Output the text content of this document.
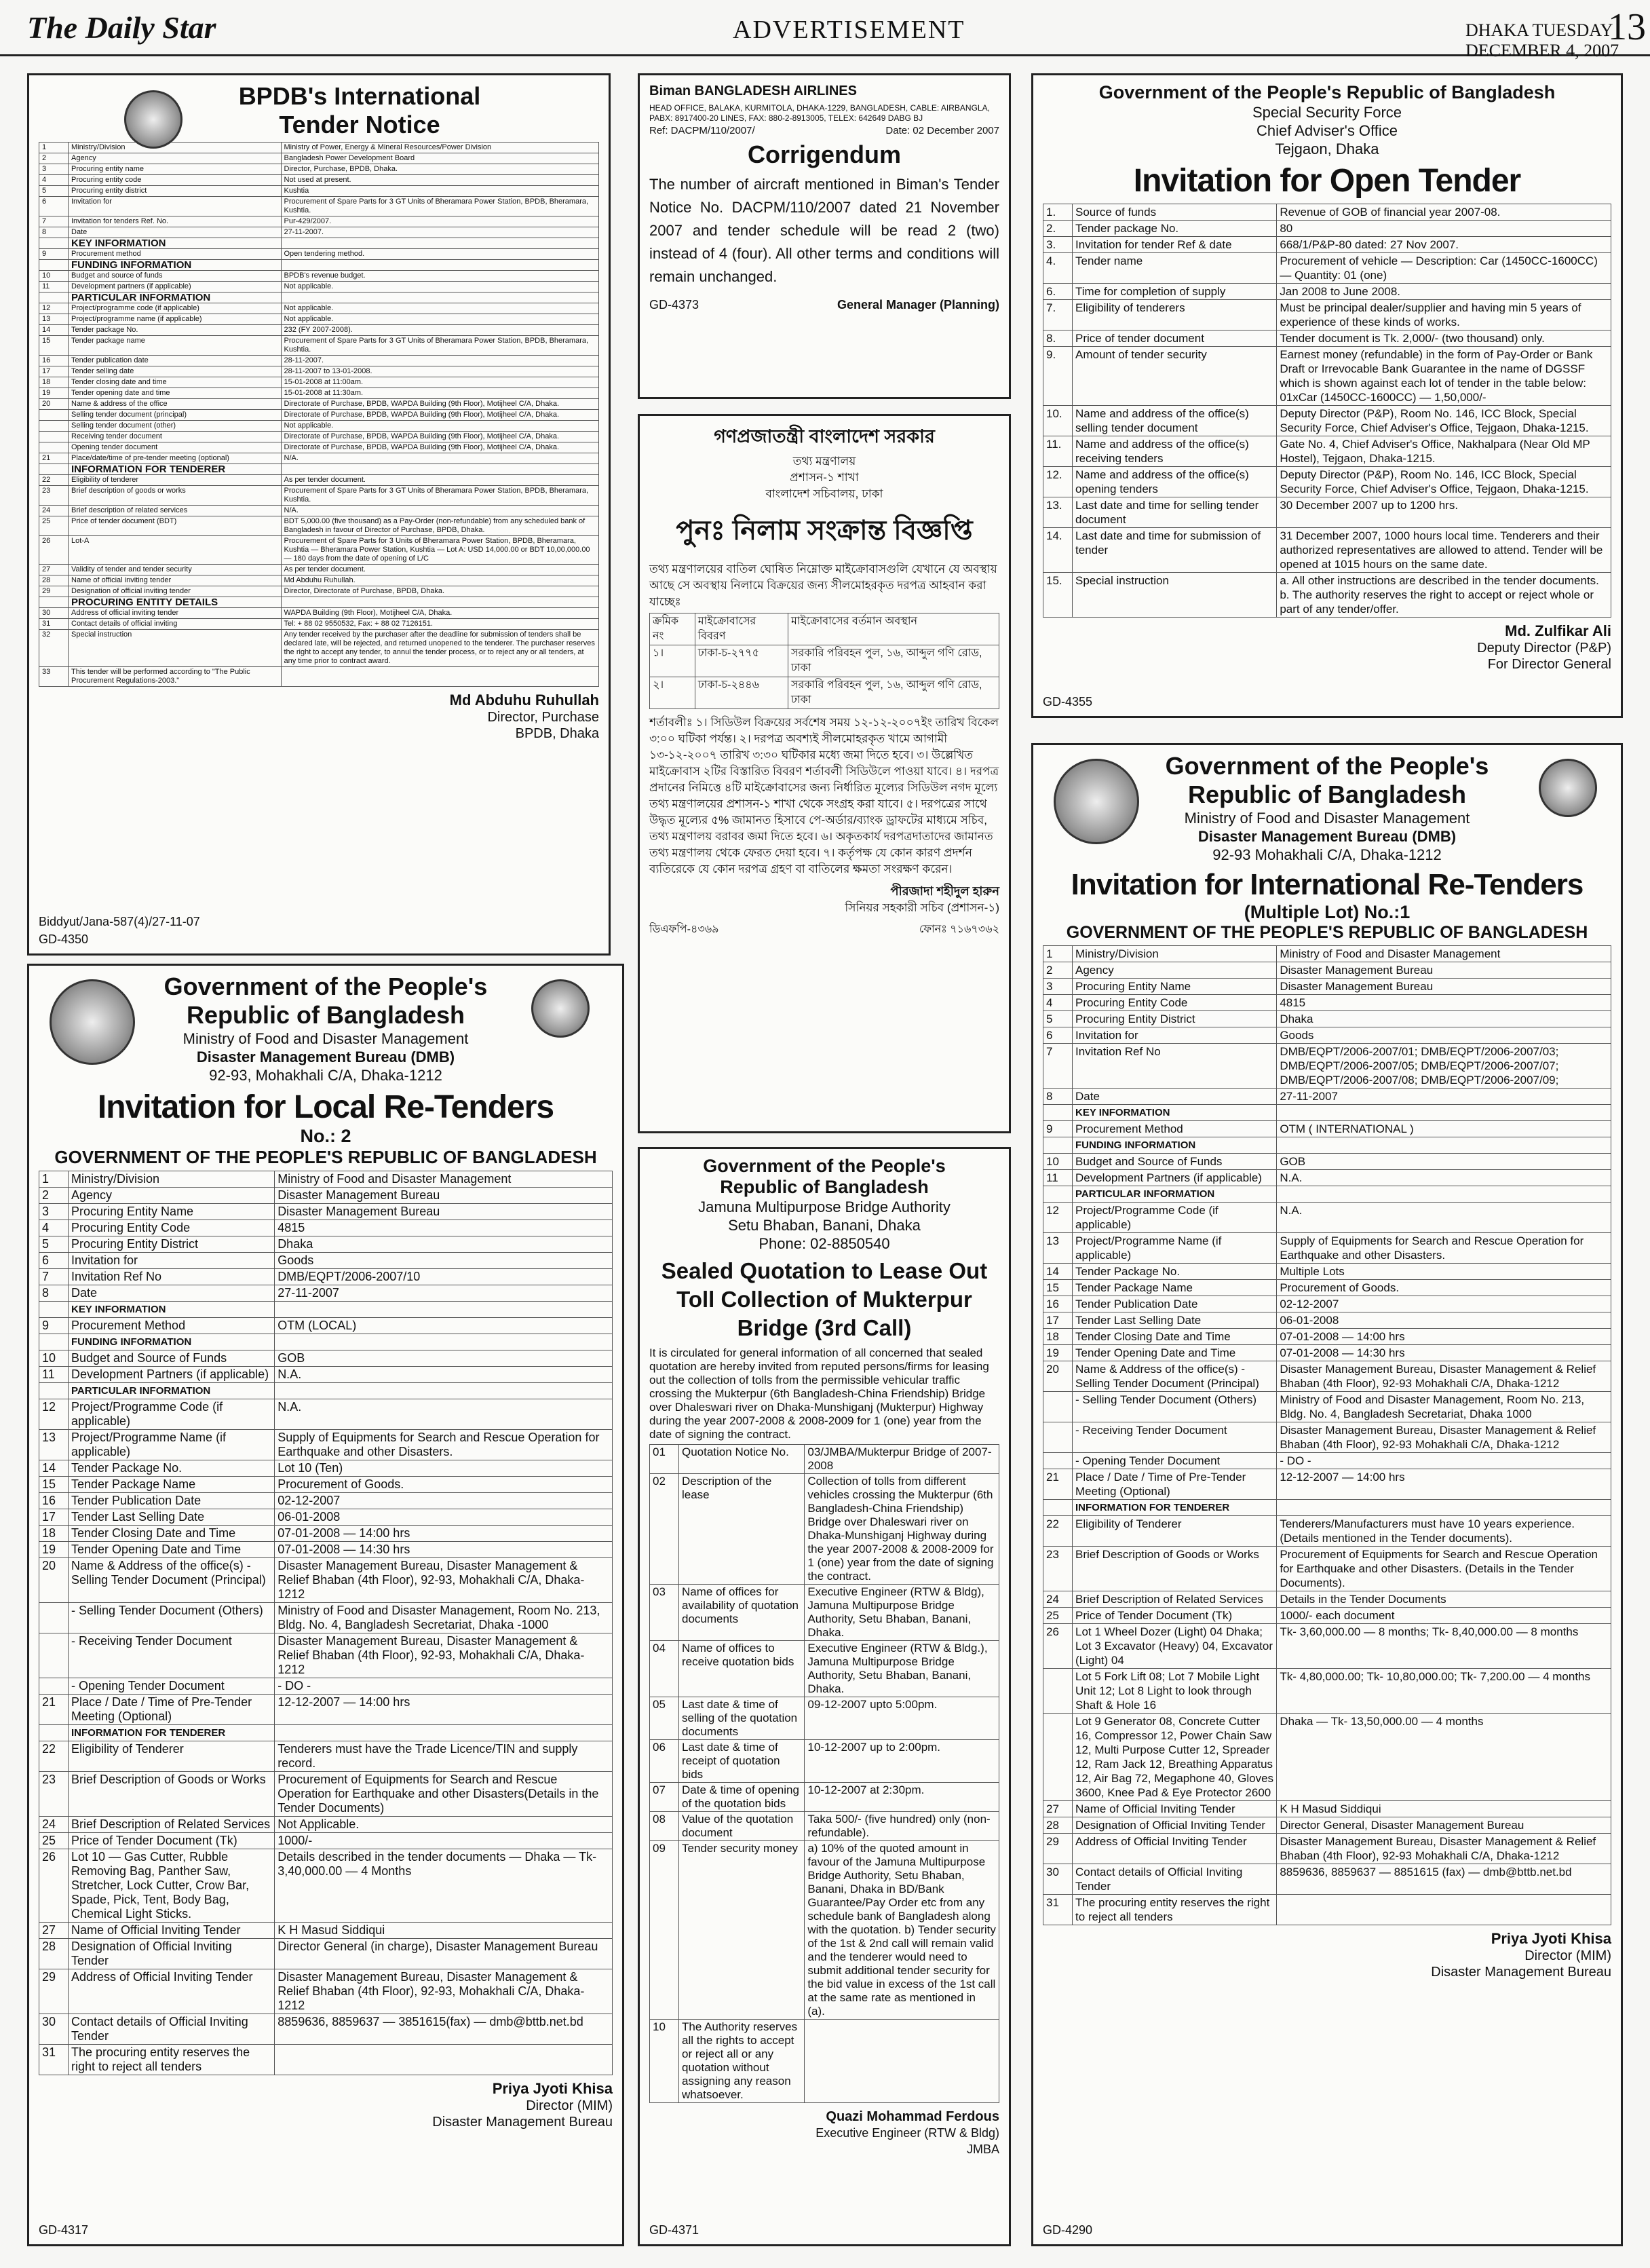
The Daily Star	ADVERTISEMENT	DHAKA TUESDAY DECEMBER 4, 2007
13
BPDB's International
Tender Notice
1	Ministry/Division	Ministry of Power, Energy & Mineral Resources/Power Division
2	Agency	Bangladesh Power Development Board
3	Procuring entity name	Director, Purchase, BPDB, Dhaka.
4	Procuring entity code	Not used at present.
5	Procuring entity district	Kushtia
6	Invitation for	Procurement of Spare Parts for 3 GT Units of Bheramara Power Station, BPDB, Bheramara, Kushtia.
7	Invitation for tenders Ref. No.	Pur-429/2007.
8	Date	27-11-2007.
	KEY INFORMATION	
9	Procurement method	Open tendering method.
	FUNDING INFORMATION	
10	Budget and source of funds	BPDB's revenue budget.
11	Development partners (if applicable)	Not applicable.
	PARTICULAR INFORMATION	
12	Project/programme code (if applicable)	Not applicable.
13	Project/programme name (if applicable)	Not applicable.
14	Tender package No.	232 (FY 2007-2008).
15	Tender package name	Procurement of Spare Parts for 3 GT Units of Bheramara Power Station, BPDB, Bheramara, Kushtia.
16	Tender publication date	28-11-2007.
17	Tender selling date	28-11-2007 to 13-01-2008.
18	Tender closing date and time	15-01-2008 at 11:00am.
19	Tender opening date and time	15-01-2008 at 11:30am.
20	Name & address of the office	Directorate of Purchase, BPDB, WAPDA Building (9th Floor), Motijheel C/A, Dhaka.
	Selling tender document (principal)	Directorate of Purchase, BPDB, WAPDA Building (9th Floor), Motijheel C/A, Dhaka.
	Selling tender document (other)	Not applicable.
	Receiving tender document	Directorate of Purchase, BPDB, WAPDA Building (9th Floor), Motijheel C/A, Dhaka.
	Opening tender document	Directorate of Purchase, BPDB, WAPDA Building (9th Floor), Motijheel C/A, Dhaka.
21	Place/date/time of pre-tender meeting (optional)	N/A.
	INFORMATION FOR TENDERER	
22	Eligibility of tenderer	As per tender document.
23	Brief description of goods or works	Procurement of Spare Parts for 3 GT Units of Bheramara Power Station, BPDB, Bheramara, Kushtia.
24	Brief description of related services	N/A.
25	Price of tender document (BDT)	BDT 5,000.00 (five thousand) as a Pay-Order (non-refundable) from any scheduled bank of Bangladesh in favour of Director of Purchase, BPDB, Dhaka.
26	Lot-A	Procurement of Spare Parts for 3 Units of Bheramara Power Station, BPDB, Bheramara, Kushtia — Bheramara Power Station, Kushtia — Lot A: USD 14,000.00 or BDT 10,00,000.00 — 180 days from the date of opening of L/C
27	Validity of tender and tender security	As per tender document.
28	Name of official inviting tender	Md Abduhu Ruhullah.
29	Designation of official inviting tender	Director, Directorate of Purchase, BPDB, Dhaka.
	PROCURING ENTITY DETAILS	
30	Address of official inviting tender	WAPDA Building (9th Floor), Motijheel C/A, Dhaka.
31	Contact details of official inviting	Tel: + 88 02 9550532, Fax: + 88 02 7126151.
32	Special instruction	Any tender received by the purchaser after the deadline for submission of tenders shall be declared late, will be rejected, and returned unopened to the tenderer. The purchaser reserves the right to accept any tender, to annul the tender process, or to reject any or all tenders, at any time prior to contract award.
33	This tender will be performed according to "The Public Procurement Regulations-2003."	
Md Abduhu Ruhullah
Director, Purchase
BPDB, Dhaka
Biddyut/Jana-587(4)/27-11-07
GD-4350
Biman BANGLADESH AIRLINES
HEAD OFFICE, BALAKA, KURMITOLA, DHAKA-1229, BANGLADESH, CABLE: AIRBANGLA, PABX: 8917400-20 LINES, FAX: 880-2-8913005, TELEX: 642649 DABG BJ
Ref: DACPM/110/2007/	Date: 02 December 2007
Corrigendum
The number of aircraft mentioned in Biman's Tender Notice No. DACPM/110/2007 dated 21 November 2007 and tender schedule will be read 2 (two) instead of 4 (four). All other terms and conditions will remain unchanged.
GD-4373	General Manager (Planning)
গণপ্রজাতন্ত্রী বাংলাদেশ সরকার
তথ্য মন্ত্রণালয়
প্রশাসন-১ শাখা
বাংলাদেশ সচিবালয়, ঢাকা
পুনঃ নিলাম সংক্রান্ত বিজ্ঞপ্তি
তথ্য মন্ত্রণালয়ের বাতিল ঘোষিত নিম্নোক্ত মাইক্রোবাসগুলি যেখানে যে অবস্থায় আছে সে অবস্থায় নিলামে বিক্রয়ের জন্য সীলমোহরকৃত দরপত্র আহবান করা যাচ্ছেঃ
ক্রমিক নং	মাইক্রোবাসের বিবরণ	মাইক্রোবাসের বর্তমান অবস্থান
১।	ঢাকা-চ-২৭৭৫	সরকারি পরিবহন পুল, ১৬, আব্দুল গণি রোড, ঢাকা
২।	ঢাকা-চ-২৪৪৬	সরকারি পরিবহন পুল, ১৬, আব্দুল গণি রোড, ঢাকা
শর্তাবলীঃ ১। সিডিউল বিক্রয়ের সর্বশেষ সময় ১২-১২-২০০৭ইং তারিখ বিকেল ৩:০০ ঘটিকা পর্যন্ত। ২। দরপত্র অবশ্যই সীলমোহরকৃত খামে আগামী ১৩-১২-২০০৭ তারিখ ৩:৩০ ঘটিকার মধ্যে জমা দিতে হবে। ৩। উল্লেখিত মাইক্রোবাস ২টির বিস্তারিত বিবরণ শর্তাবলী সিডিউলে পাওয়া যাবে। ৪। দরপত্র প্রদানের নিমিত্তে ৪টি মাইক্রোবাসের জন্য নির্ধারিত মূল্যের সিডিউল নগদ মূল্যে তথ্য মন্ত্রণালয়ের প্রশাসন-১ শাখা থেকে সংগ্রহ করা যাবে। ৫। দরপত্রের সাথে উদ্ধৃত মূল্যের ৫% জামানত হিসাবে পে-অর্ডার/ব্যাংক ড্রাফটের মাধ্যমে সচিব, তথ্য মন্ত্রণালয় বরাবর জমা দিতে হবে। ৬। অকৃতকার্য দরপত্রদাতাদের জামানত তথ্য মন্ত্রণালয় থেকে ফেরত দেয়া হবে। ৭। কর্তৃপক্ষ যে কোন কারণ প্রদর্শন ব্যতিরেকে যে কোন দরপত্র গ্রহণ বা বাতিলের ক্ষমতা সংরক্ষণ করেন।
পীরজাদা শহীদুল হারুন
সিনিয়র সহকারী সচিব (প্রশাসন-১)
ডিএফপি-৪৩৬৯	ফোনঃ ৭১৬৭৩৬২
Government of the People's Republic of Bangladesh
Special Security Force
Chief Adviser's Office
Tejgaon, Dhaka
Invitation for Open Tender
1.	Source of funds	Revenue of GOB of financial year 2007-08.
2.	Tender package No.	80
3.	Invitation for tender Ref & date	668/1/P&P-80 dated: 27 Nov 2007.
4.	Tender name	Procurement of vehicle — Description: Car (1450CC-1600CC) — Quantity: 01 (one)
6.	Time for completion of supply	Jan 2008 to June 2008.
7.	Eligibility of tenderers	Must be principal dealer/supplier and having min 5 years of experience of these kinds of works.
8.	Price of tender document	Tender document is Tk. 2,000/- (two thousand) only.
9.	Amount of tender security	Earnest money (refundable) in the form of Pay-Order or Bank Draft or Irrevocable Bank Guarantee in the name of DGSSF which is shown against each lot of tender in the table below: 01xCar (1450CC-1600CC) — 1,50,000/-
10.	Name and address of the office(s) selling tender document	Deputy Director (P&P), Room No. 146, ICC Block, Special Security Force, Chief Adviser's Office, Tejgaon, Dhaka-1215.
11.	Name and address of the office(s) receiving tenders	Gate No. 4, Chief Adviser's Office, Nakhalpara (Near Old MP Hostel), Tejgaon, Dhaka-1215.
12.	Name and address of the office(s) opening tenders	Deputy Director (P&P), Room No. 146, ICC Block, Special Security Force, Chief Adviser's Office, Tejgaon, Dhaka-1215.
13.	Last date and time for selling tender document	30 December 2007 up to 1200 hrs.
14.	Last date and time for submission of tender	31 December 2007, 1000 hours local time. Tenderers and their authorized representatives are allowed to attend. Tender will be opened at 1015 hours on the same date.
15.	Special instruction	a. All other instructions are described in the tender documents. b. The authority reserves the right to accept or reject whole or part of any tender/offer.
Md. Zulfikar Ali
Deputy Director (P&P)
For Director General
GD-4355
Government of the People's
Republic of Bangladesh
Ministry of Food and Disaster Management
Disaster Management Bureau (DMB)
92-93, Mohakhali C/A, Dhaka-1212
Invitation for Local Re-Tenders
No.: 2
GOVERNMENT OF THE PEOPLE'S REPUBLIC OF BANGLADESH
1	Ministry/Division	Ministry of Food and Disaster Management
2	Agency	Disaster Management Bureau
3	Procuring Entity Name	Disaster Management Bureau
4	Procuring Entity Code	4815
5	Procuring Entity District	Dhaka
6	Invitation for	Goods
7	Invitation Ref No	DMB/EQPT/2006-2007/10
8	Date	27-11-2007
	KEY INFORMATION	
9	Procurement Method	OTM (LOCAL)
	FUNDING INFORMATION	
10	Budget and Source of Funds	GOB
11	Development Partners (if applicable)	N.A.
	PARTICULAR INFORMATION	
12	Project/Programme Code (if applicable)	N.A.
13	Project/Programme Name (if applicable)	Supply of Equipments for Search and Rescue Operation for Earthquake and other Disasters.
14	Tender Package No.	Lot 10 (Ten)
15	Tender Package Name	Procurement of Goods.
16	Tender Publication Date	02-12-2007
17	Tender Last Selling Date	06-01-2008
18	Tender Closing Date and Time	07-01-2008 — 14:00 hrs
19	Tender Opening Date and Time	07-01-2008 — 14:30 hrs
20	Name & Address of the office(s) - Selling Tender Document (Principal)	Disaster Management Bureau, Disaster Management & Relief Bhaban (4th Floor), 92-93, Mohakhali C/A, Dhaka-1212
	- Selling Tender Document (Others)	Ministry of Food and Disaster Management, Room No. 213, Bldg. No. 4, Bangladesh Secretariat, Dhaka -1000
	- Receiving Tender Document	Disaster Management Bureau, Disaster Management & Relief Bhaban (4th Floor), 92-93, Mohakhali C/A, Dhaka-1212
	- Opening Tender Document	- DO -
21	Place / Date / Time of Pre-Tender Meeting (Optional)	12-12-2007 — 14:00 hrs
	INFORMATION FOR TENDERER	
22	Eligibility of Tenderer	Tenderers must have the Trade Licence/TIN and supply record.
23	Brief Description of Goods or Works	Procurement of Equipments for Search and Rescue Operation for Earthquake and other Disasters(Details in the Tender Documents)
24	Brief Description of Related Services	Not Applicable.
25	Price of Tender Document (Tk)	1000/-
26	Lot 10 — Gas Cutter, Rubble Removing Bag, Panther Saw, Stretcher, Lock Cutter, Crow Bar, Spade, Pick, Tent, Body Bag, Chemical Light Sticks.	Details described in the tender documents — Dhaka — Tk- 3,40,000.00 — 4 Months
27	Name of Official Inviting Tender	K H Masud Siddiqui
28	Designation of Official Inviting Tender	Director General (in charge), Disaster Management Bureau
29	Address of Official Inviting Tender	Disaster Management Bureau, Disaster Management & Relief Bhaban (4th Floor), 92-93, Mohakhali C/A, Dhaka-1212
30	Contact details of Official Inviting Tender	8859636, 8859637 — 3851615(fax) — dmb@bttb.net.bd
31	The procuring entity reserves the right to reject all tenders	
Priya Jyoti Khisa
Director (MIM)
Disaster Management Bureau
GD-4317
Government of the People's
Republic of Bangladesh
Jamuna Multipurpose Bridge Authority
Setu Bhaban, Banani, Dhaka
Phone: 02-8850540
Sealed Quotation to Lease Out Toll Collection of Mukterpur Bridge (3rd Call)
It is circulated for general information of all concerned that sealed quotation are hereby invited from reputed persons/firms for leasing out the collection of tolls from the permissible vehicular traffic crossing the Mukterpur (6th Bangladesh-China Friendship) Bridge over Dhaleswari river on Dhaka-Munshiganj (Mukterpur) Highway during the year 2007-2008 & 2008-2009 for 1 (one) year from the date of signing the contract.
01	Quotation Notice No.	03/JMBA/Mukterpur Bridge of 2007-2008
02	Description of the lease	Collection of tolls from different vehicles crossing the Mukterpur (6th Bangladesh-China Friendship) Bridge over Dhaleswari river on Dhaka-Munshiganj Highway during the year 2007-2008 & 2008-2009 for 1 (one) year from the date of signing the contract.
03	Name of offices for availability of quotation documents	Executive Engineer (RTW & Bldg), Jamuna Multipurpose Bridge Authority, Setu Bhaban, Banani, Dhaka.
04	Name of offices to receive quotation bids	Executive Engineer (RTW & Bldg.), Jamuna Multipurpose Bridge Authority, Setu Bhaban, Banani, Dhaka.
05	Last date & time of selling of the quotation documents	09-12-2007 upto 5:00pm.
06	Last date & time of receipt of quotation bids	10-12-2007 up to 2:00pm.
07	Date & time of opening of the quotation bids	10-12-2007 at 2:30pm.
08	Value of the quotation document	Taka 500/- (five hundred) only (non-refundable).
09	Tender security money	a) 10% of the quoted amount in favour of the Jamuna Multipurpose Bridge Authority, Setu Bhaban, Banani, Dhaka in BD/Bank Guarantee/Pay Order etc from any schedule bank of Bangladesh along with the quotation. b) Tender security of the 1st & 2nd call will remain valid and the tenderer would need to submit additional tender security for the bid value in excess of the 1st call at the same rate as mentioned in (a).
10	The Authority reserves all the rights to accept or reject all or any quotation without assigning any reason whatsoever.	
Quazi Mohammad Ferdous
Executive Engineer (RTW & Bldg)
JMBA
GD-4371
Government of the People's
Republic of Bangladesh
Ministry of Food and Disaster Management
Disaster Management Bureau (DMB)
92-93 Mohakhali C/A, Dhaka-1212
Invitation for International Re-Tenders
(Multiple Lot) No.:1
GOVERNMENT OF THE PEOPLE'S REPUBLIC OF BANGLADESH
1	Ministry/Division	Ministry of Food and Disaster Management
2	Agency	Disaster Management Bureau
3	Procuring Entity Name	Disaster Management Bureau
4	Procuring Entity Code	4815
5	Procuring Entity District	Dhaka
6	Invitation for	Goods
7	Invitation Ref No	DMB/EQPT/2006-2007/01; DMB/EQPT/2006-2007/03; DMB/EQPT/2006-2007/05; DMB/EQPT/2006-2007/07; DMB/EQPT/2006-2007/08; DMB/EQPT/2006-2007/09;
8	Date	27-11-2007
	KEY INFORMATION	
9	Procurement Method	OTM ( INTERNATIONAL )
	FUNDING INFORMATION	
10	Budget and Source of Funds	GOB
11	Development Partners (if applicable)	N.A.
	PARTICULAR INFORMATION	
12	Project/Programme Code (if applicable)	N.A.
13	Project/Programme Name (if applicable)	Supply of Equipments for Search and Rescue Operation for Earthquake and other Disasters.
14	Tender Package No.	Multiple Lots
15	Tender Package Name	Procurement of Goods.
16	Tender Publication Date	02-12-2007
17	Tender Last Selling Date	06-01-2008
18	Tender Closing Date and Time	07-01-2008 — 14:00 hrs
19	Tender Opening Date and Time	07-01-2008 — 14:30 hrs
20	Name & Address of the office(s) - Selling Tender Document (Principal)	Disaster Management Bureau, Disaster Management & Relief Bhaban (4th Floor), 92-93 Mohakhali C/A, Dhaka-1212
	- Selling Tender Document (Others)	Ministry of Food and Disaster Management, Room No. 213, Bldg. No. 4, Bangladesh Secretariat, Dhaka 1000
	- Receiving Tender Document	Disaster Management Bureau, Disaster Management & Relief Bhaban (4th Floor), 92-93 Mohakhali C/A, Dhaka-1212
	- Opening Tender Document	- DO -
21	Place / Date / Time of Pre-Tender Meeting (Optional)	12-12-2007 — 14:00 hrs
	INFORMATION FOR TENDERER	
22	Eligibility of Tenderer	Tenderers/Manufacturers must have 10 years experience. (Details mentioned in the Tender documents).
23	Brief Description of Goods or Works	Procurement of Equipments for Search and Rescue Operation for Earthquake and other Disasters. (Details in the Tender Documents).
24	Brief Description of Related Services	Details in the Tender Documents
25	Price of Tender Document (Tk)	1000/- each document
26	Lot 1 Wheel Dozer (Light) 04 Dhaka; Lot 3 Excavator (Heavy) 04, Excavator (Light) 04	Tk- 3,60,000.00 — 8 months; Tk- 8,40,000.00 — 8 months
	Lot 5 Fork Lift 08; Lot 7 Mobile Light Unit 12; Lot 8 Light to look through Shaft & Hole 16	Tk- 4,80,000.00; Tk- 10,80,000.00; Tk- 7,200.00 — 4 months
	Lot 9 Generator 08, Concrete Cutter 16, Compressor 12, Power Chain Saw 12, Multi Purpose Cutter 12, Spreader 12, Ram Jack 12, Breathing Apparatus 12, Air Bag 72, Megaphone 40, Gloves 3600, Knee Pad & Eye Protector 2600	Dhaka — Tk- 13,50,000.00 — 4 months
27	Name of Official Inviting Tender	K H Masud Siddiqui
28	Designation of Official Inviting Tender	Director General, Disaster Management Bureau
29	Address of Official Inviting Tender	Disaster Management Bureau, Disaster Management & Relief Bhaban (4th Floor), 92-93 Mohakhali C/A, Dhaka-1212
30	Contact details of Official Inviting Tender	8859636, 8859637 — 8851615 (fax) — dmb@bttb.net.bd
31	The procuring entity reserves the right to reject all tenders	
Priya Jyoti Khisa
Director (MIM)
Disaster Management Bureau
GD-4290
